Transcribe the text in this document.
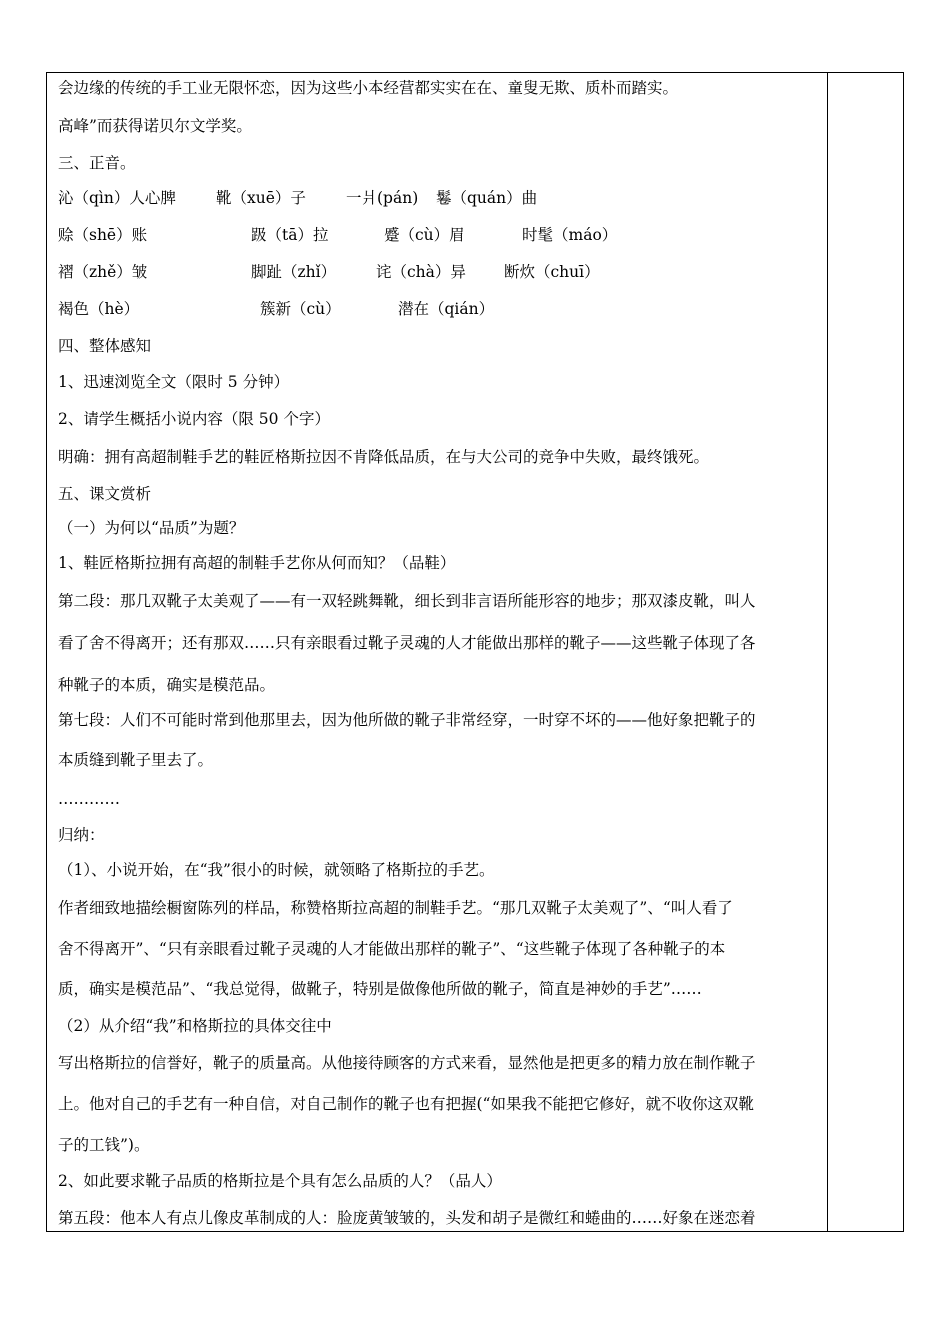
会边缘的传统的手工业无限怀恋，因为这些小本经营都实实在在、童叟无欺、质朴而踏实。
高峰”而获得诺贝尔文学奖。
三、正音。
沁（qìn）人心脾	靴（xuē）子	一爿(pán) 鬈（quán）曲
赊（shē）账	趿（tā）拉	蹙（cù）眉	时髦（máo）
褶（zhě）皱	脚趾（zhǐ）	诧（chà）异 断炊（chuī）
褐色（hè）	簇新（cù）	潜在（qián）
四、整体感知
1、迅速浏览全文（限时 5 分钟）
2、请学生概括小说内容（限 50 个字）
明确：拥有高超制鞋手艺的鞋匠格斯拉因不肯降低品质，在与大公司的竞争中失败，最终饿死。
五、课文赏析
（一）为何以“品质”为题？
1、鞋匠格斯拉拥有高超的制鞋手艺你从何而知？（品鞋）
第二段：那几双靴子太美观了——有一双轻跳舞靴，细长到非言语所能形容的地步；那双漆皮靴，叫人
看了舍不得离开；还有那双……只有亲眼看过靴子灵魂的人才能做出那样的靴子——这些靴子体现了各
种靴子的本质，确实是模范品。
第七段：人们不可能时常到他那里去，因为他所做的靴子非常经穿，一时穿不坏的——他好象把靴子的
本质缝到靴子里去了。
…………
归纳：
（1）、小说开始，在“我”很小的时候，就领略了格斯拉的手艺。
作者细致地描绘橱窗陈列的样品，称赞格斯拉高超的制鞋手艺。“那几双靴子太美观了”、“叫人看了
舍不得离开”、“只有亲眼看过靴子灵魂的人才能做出那样的靴子”、“这些靴子体现了各种靴子的本
质，确实是模范品”、“我总觉得，做靴子，特别是做像他所做的靴子，简直是神妙的手艺”……
（2）从介绍“我”和格斯拉的具体交往中
写出格斯拉的信誉好，靴子的质量高。从他接待顾客的方式来看，显然他是把更多的精力放在制作靴子
上。他对自己的手艺有一种自信，对自己制作的靴子也有把握(“如果我不能把它修好，就不收你这双靴
子的工钱”)。
2、如此要求靴子品质的格斯拉是个具有怎么品质的人？（品人）
第五段：他本人有点儿像皮革制成的人：脸庞黄皱皱的，头发和胡子是微红和蜷曲的……好象在迷恋着
